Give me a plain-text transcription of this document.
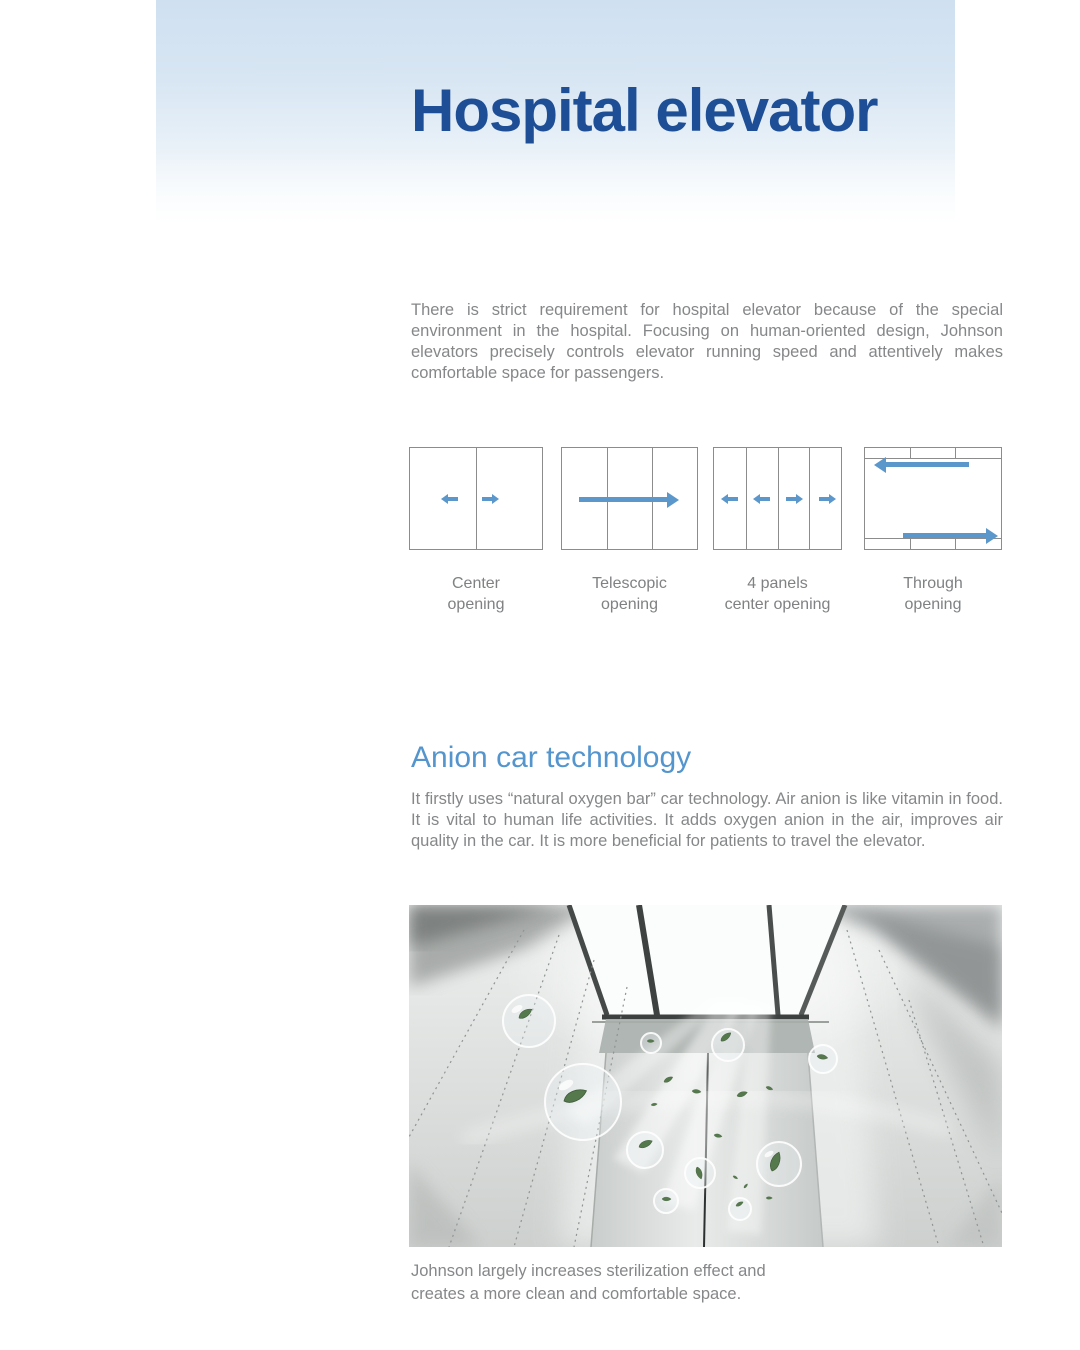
Hospital elevator

There is strict requirement for hospital elevator because of the special environment in the hospital. Focusing on human-oriented design, Johnson elevators precisely controls elevator running speed and attentively makes comfortable space for passengers.

Center
opening
Telescopic
opening
4 panels
center opening
Through
opening
Anion car technology

It firstly uses “natural oxygen bar” car technology. Air anion is like vitamin in food. It is vital to human life activities. It adds oxygen anion in the air, improves air quality in the car. It is more beneficial for patients to travel the elevator.

Johnson largely increases sterilization effect and
creates a more clean and comfortable space.
